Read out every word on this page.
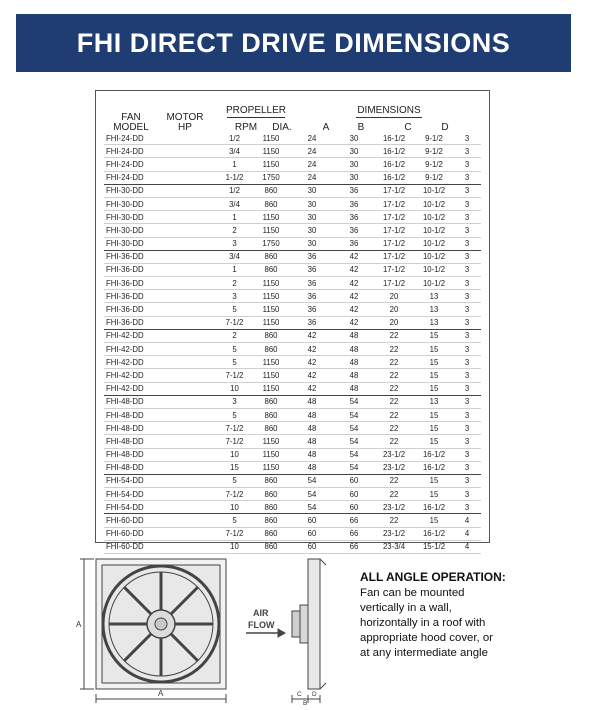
FHI DIRECT DRIVE DIMENSIONS
FAN
MODEL
MOTOR
HP
PROPELLER
RPM	DIA.
DIMENSIONS
A	B	C	D
FHI-24-DD		1/2	1150	24	30	16-1/2	9-1/2	3
FHI-24-DD		3/4	1150	24	30	16-1/2	9-1/2	3
FHI-24-DD		1	1150	24	30	16-1/2	9-1/2	3
FHI-24-DD		1-1/2	1750	24	30	16-1/2	9-1/2	3
FHI-30-DD		1/2	860	30	36	17-1/2	10-1/2	3
FHI-30-DD		3/4	860	30	36	17-1/2	10-1/2	3
FHI-30-DD		1	1150	30	36	17-1/2	10-1/2	3
FHI-30-DD		2	1150	30	36	17-1/2	10-1/2	3
FHI-30-DD		3	1750	30	36	17-1/2	10-1/2	3
FHI-36-DD		3/4	860	36	42	17-1/2	10-1/2	3
FHI-36-DD		1	860	36	42	17-1/2	10-1/2	3
FHI-36-DD		2	1150	36	42	17-1/2	10-1/2	3
FHI-36-DD		3	1150	36	42	20	13	3
FHI-36-DD		5	1150	36	42	20	13	3
FHI-36-DD		7-1/2	1150	36	42	20	13	3
FHI-42-DD		2	860	42	48	22	15	3
FHI-42-DD		5	860	42	48	22	15	3
FHI-42-DD		5	1150	42	48	22	15	3
FHI-42-DD		7-1/2	1150	42	48	22	15	3
FHI-42-DD		10	1150	42	48	22	15	3
FHI-48-DD		3	860	48	54	22	13	3
FHI-48-DD		5	860	48	54	22	15	3
FHI-48-DD		7-1/2	860	48	54	22	15	3
FHI-48-DD		7-1/2	1150	48	54	22	15	3
FHI-48-DD		10	1150	48	54	23-1/2	16-1/2	3
FHI-48-DD		15	1150	48	54	23-1/2	16-1/2	3
FHI-54-DD		5	860	54	60	22	15	3
FHI-54-DD		7-1/2	860	54	60	22	15	3
FHI-54-DD		10	860	54	60	23-1/2	16-1/2	3
FHI-60-DD		5	860	60	66	22	15	4
FHI-60-DD		7-1/2	860	60	66	23-1/2	16-1/2	4
FHI-60-DD		10	860	60	66	23-3/4	15-1/2	4
A
A
AIR
FLOW
C D
B
ALL ANGLE OPERATION:
Fan can be mounted
vertically in a wall,
horizontally in a roof with
appropriate hood cover, or
at any intermediate angle
